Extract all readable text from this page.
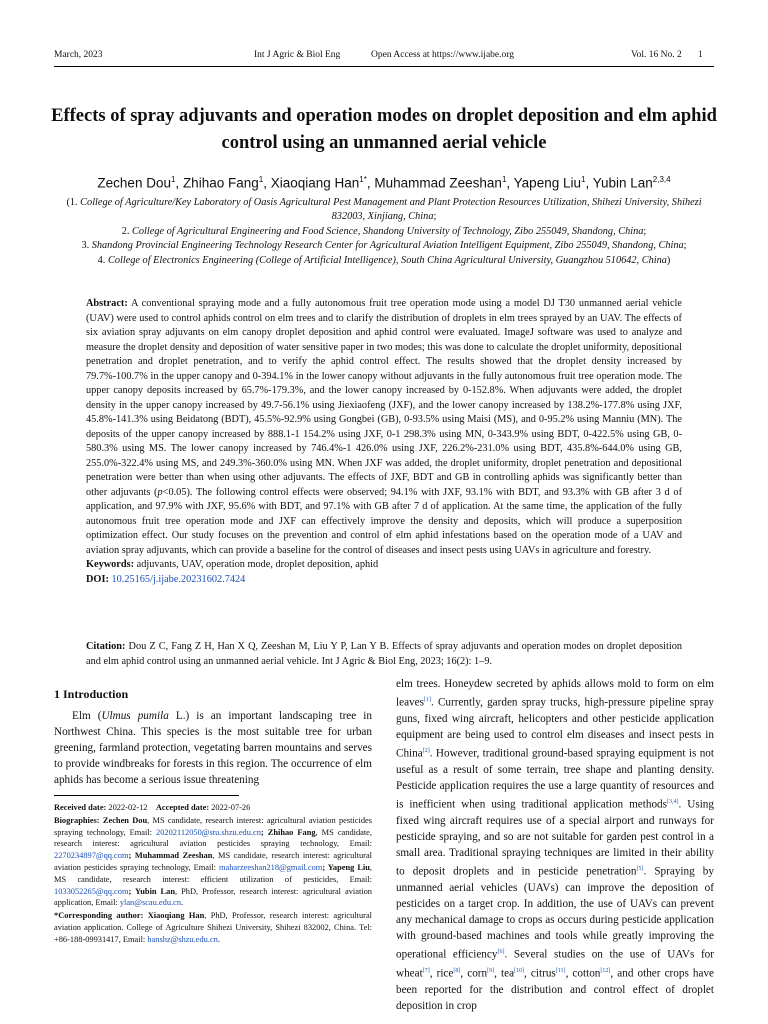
March, 2023	Int J Agric & Biol Eng	Open Access at https://www.ijabe.org	Vol. 16 No. 2 1
Effects of spray adjuvants and operation modes on droplet deposition and elm aphid control using an unmanned aerial vehicle
Zechen Dou$^1$, Zhihao Fang$^1$, Xiaoqiang Han$^{1*}$, Muhammad Zeeshan$^1$, Yapeng Liu$^1$, Yubin Lan$^{2,3,4}$
(1. College of Agriculture/Key Laboratory of Oasis Agricultural Pest Management and Plant Protection Resources Utilization, Shihezi University, Shihezi 832003, Xinjiang, China;
2. College of Agricultural Engineering and Food Science, Shandong University of Technology, Zibo 255049, Shandong, China;
3. Shandong Provincial Engineering Technology Research Center for Agricultural Aviation Intelligent Equipment, Zibo 255049, Shandong, China;
4. College of Electronics Engineering (College of Artificial Intelligence), South China Agricultural University, Guangzhou 510642, China)

Abstract: A conventional spraying mode and a fully autonomous fruit tree operation mode using a model DJ T30 unmanned aerial vehicle (UAV) were used to control aphids control on elm trees and to clarify the distribution of droplets in elm trees sprayed by an UAV. The effects of six aviation spray adjuvants on elm canopy droplet deposition and aphid control were evaluated. ImageJ software was used to analyze and measure the droplet density and deposition of water sensitive paper in two modes; this was done to calculate the droplet uniformity, depositional penetration and droplet penetration, and to verify the aphid control effect. The results showed that the droplet density increased by 79.7%-100.7% in the upper canopy and 0-394.1% in the lower canopy without adjuvants in the fully autonomous fruit tree operation mode. The upper canopy deposits increased by 65.7%-179.3%, and the lower canopy increased by 0-152.8%. When adjuvants were added, the droplet density in the upper canopy increased by 49.7-56.1% using Jiexiaofeng (JXF), and the lower canopy increased by 138.2%-177.8% using JXF, 45.8%-141.3% using Beidatong (BDT), 45.5%-92.9% using Gongbei (GB), 0-93.5% using Maisi (MS), and 0-95.2% using Manniu (MN). The deposits of the upper canopy increased by 888.1-1 154.2% using JXF, 0-1 298.3% using MN, 0-343.9% using BDT, 0-422.5% using GB, 0-580.3% using MS. The lower canopy increased by 746.4%-1 426.0% using JXF, 226.2%-231.0% using BDT, 435.8%-644.0% using GB, 255.0%-322.4% using MS, and 249.3%-360.0% using MN. When JXF was added, the droplet uniformity, droplet penetration and depositional penetration were better than when using other adjuvants. The effects of JXF, BDT and GB in controlling aphids was significantly better than other adjuvants (p<0.05). The following control effects were observed; 94.1% with JXF, 93.1% with BDT, and 93.3% with GB after 3 d of application, and 97.9% with JXF, 95.6% with BDT, and 97.1% with GB after 7 d of application. At the same time, the application of the fully autonomous fruit tree operation mode and JXF can effectively improve the density and deposits, which will produce a superposition optimization effect. Our study focuses on the prevention and control of elm aphid infestations based on the operation mode of a UAV and aviation spray adjuvants, which can provide a baseline for the control of diseases and insect pests using UAVs in agriculture and forestry.

Keywords: adjuvants, UAV, operation mode, droplet deposition, aphid

DOI: 10.25165/j.ijabe.20231602.7424

Citation: Dou Z C, Fang Z H, Han X Q, Zeeshan M, Liu Y P, Lan Y B. Effects of spray adjuvants and operation modes on droplet deposition and elm aphid control using an unmanned aerial vehicle. Int J Agric & Biol Eng, 2023; 16(2): 1–9.
1 Introduction

Elm (Ulmus pumila L.) is an important landscaping tree in Northwest China. This species is the most suitable tree for urban greening, farmland protection, vegetating barren mountains and serves to provide windbreaks for forests in this region. The occurrence of elm aphids has become a serious issue threatening

elm trees. Honeydew secreted by aphids allows mold to form on elm leaves[1]. Currently, garden spray trucks, high-pressure pipeline spray guns, fixed wing aircraft, helicopters and other pesticide application equipment are being used to control elm diseases and insect pests in China[2]. However, traditional ground-based spraying equipment is not useful as a result of some terrain, tree shape and planting density. Pesticide application requires the use a large quantity of resources and is inefficient when using traditional application methods[3,4]. Using fixed wing aircraft requires use of a special airport and runways for pesticide spraying, and so are not suitable for garden pest control in a small area. Traditional spraying techniques are limited in their ability to deposit droplets and in pesticide penetration[5]. Spraying by unmanned aerial vehicles (UAVs) can improve the deposition of pesticides on a target crop. In addition, the use of UAVs can prevent any mechanical damage to crops as occurs during pesticide application with ground-based machines and tools while greatly improving the operational efficiency[6]. Several studies on the use of UAVs for wheat[7], rice[8], corn[9], tea[10], citrus[11], cotton[12], and other crops have been reported for the distribution and control effect of droplet deposition in crop

Received date: 2022-02-12 Accepted date: 2022-07-26

Biographies: Zechen Dou, MS candidate, research interest: agricultural aviation pesticides spraying technology, Email: 20202112050@stu.shzu.edu.cn; Zhihao Fang, MS candidate, research interest: agricultural aviation pesticides spraying technology, Email: 2270234897@qq.com; Muhammad Zeeshan, MS candidate, research interest: agricultural aviation pesticides spraying technology, Email: maharzeeshan218@gmail.com; Yapeng Liu, MS candidate, research interest: efficient utilization of pesticides, Email: 1033052265@qq.com; Yubin Lan, PhD, Professor, research interest: agricultural aviation application, Email: ylan@scau.edu.cn.

*Corresponding author: Xiaoqiang Han, PhD, Professor, research interest: agricultural aviation application. College of Agriculture Shihezi University, Shihezi 832002, China. Tel: +86-188-09931417, Email: hanshz@shzu.edu.cn.
